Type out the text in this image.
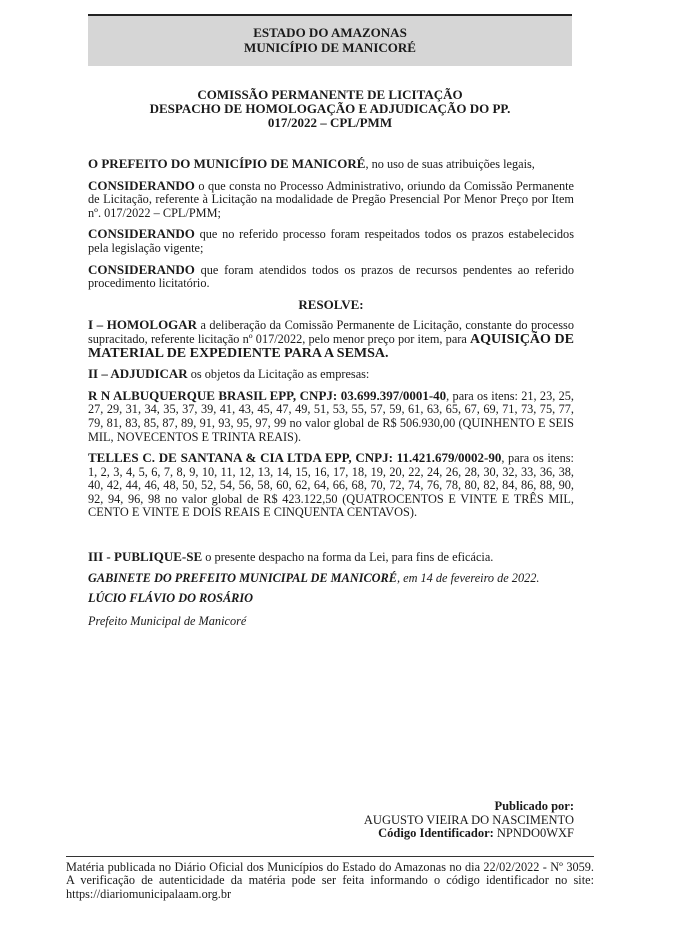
ESTADO DO AMAZONAS
MUNICÍPIO DE MANICORÉ
COMISSÃO PERMANENTE DE LICITAÇÃO
DESPACHO DE HOMOLOGAÇÃO E ADJUDICAÇÃO DO PP.
017/2022 – CPL/PMM

O PREFEITO DO MUNICÍPIO DE MANICORÉ, no uso de suas atribuições legais,

CONSIDERANDO o que consta no Processo Administrativo, oriundo da Comissão Permanente de Licitação, referente à Licitação na modalidade de Pregão Presencial Por Menor Preço por Item nº. 017/2022 – CPL/PMM;

CONSIDERANDO que no referido processo foram respeitados todos os prazos estabelecidos pela legislação vigente;

CONSIDERANDO que foram atendidos todos os prazos de recursos pendentes ao referido procedimento licitatório.

RESOLVE:

I – HOMOLOGAR a deliberação da Comissão Permanente de Licitação, constante do processo supracitado, referente licitação nº 017/2022, pelo menor preço por item, para AQUISIÇÃO DE MATERIAL DE EXPEDIENTE PARA A SEMSA.

II – ADJUDICAR os objetos da Licitação as empresas:

R N ALBUQUERQUE BRASIL EPP, CNPJ: 03.699.397/0001-40, para os itens: 21, 23, 25, 27, 29, 31, 34, 35, 37, 39, 41, 43, 45, 47, 49, 51, 53, 55, 57, 59, 61, 63, 65, 67, 69, 71, 73, 75, 77, 79, 81, 83, 85, 87, 89, 91, 93, 95, 97, 99 no valor global de R$ 506.930,00 (QUINHENTO E SEIS MIL, NOVECENTOS E TRINTA REAIS).

TELLES C. DE SANTANA & CIA LTDA EPP, CNPJ: 11.421.679/0002-90, para os itens: 1, 2, 3, 4, 5, 6, 7, 8, 9, 10, 11, 12, 13, 14, 15, 16, 17, 18, 19, 20, 22, 24, 26, 28, 30, 32, 33, 36, 38, 40, 42, 44, 46, 48, 50, 52, 54, 56, 58, 60, 62, 64, 66, 68, 70, 72, 74, 76, 78, 80, 82, 84, 86, 88, 90, 92, 94, 96, 98 no valor global de R$ 423.122,50 (QUATROCENTOS E VINTE E TRÊS MIL, CENTO E VINTE E DOIS REAIS E CINQUENTA CENTAVOS).

III - PUBLIQUE-SE o presente despacho na forma da Lei, para fins de eficácia.

GABINETE DO PREFEITO MUNICIPAL DE MANICORÉ, em 14 de fevereiro de 2022.

LÚCIO FLÁVIO DO ROSÁRIO

Prefeito Municipal de Manicoré

Publicado por:
AUGUSTO VIEIRA DO NASCIMENTO
Código Identificador: NPNDO0WXF
Matéria publicada no Diário Oficial dos Municípios do Estado do Amazonas no dia 22/02/2022 - Nº 3059. A verificação de autenticidade da matéria pode ser feita informando o código identificador no site: https://diariomunicipalaam.org.br
